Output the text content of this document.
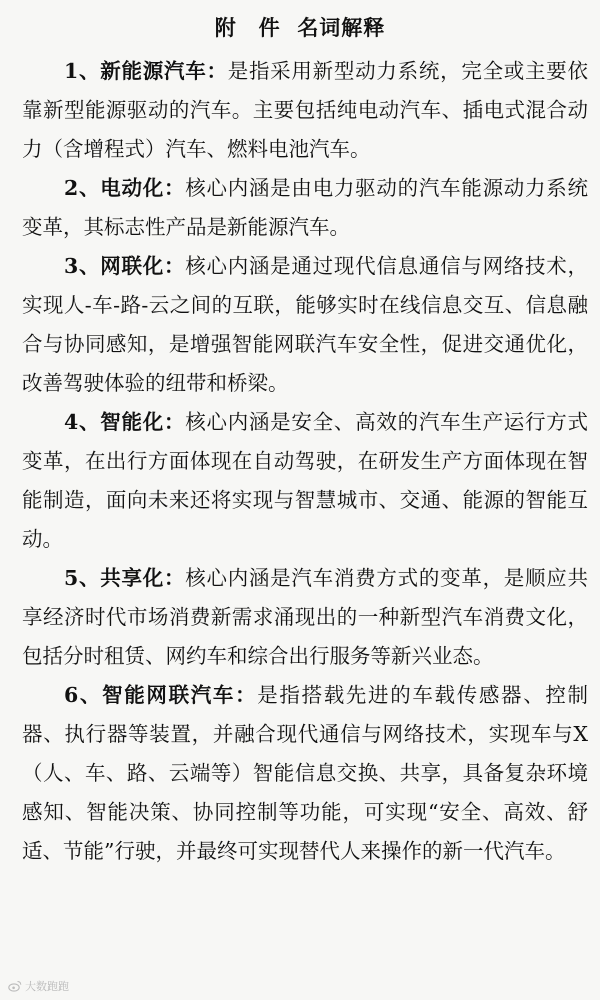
附　件 名词解释

1、新能源汽车：是指采用新型动力系统，完全或主要依靠新型能源驱动的汽车。主要包括纯电动汽车、插电式混合动力（含增程式）汽车、燃料电池汽车。

2、电动化：核心内涵是由电力驱动的汽车能源动力系统变革，其标志性产品是新能源汽车。

3、网联化：核心内涵是通过现代信息通信与网络技术，实现人-车-路-云之间的互联，能够实时在线信息交互、信息融合与协同感知，是增强智能网联汽车安全性，促进交通优化，改善驾驶体验的纽带和桥梁。

4、智能化：核心内涵是安全、高效的汽车生产运行方式变革，在出行方面体现在自动驾驶，在研发生产方面体现在智能制造，面向未来还将实现与智慧城市、交通、能源的智能互动。

5、共享化：核心内涵是汽车消费方式的变革，是顺应共享经济时代市场消费新需求涌现出的一种新型汽车消费文化，包括分时租赁、网约车和综合出行服务等新兴业态。

6、智能网联汽车：是指搭载先进的车载传感器、控制器、执行器等装置，并融合现代通信与网络技术，实现车与X（人、车、路、云端等）智能信息交换、共享，具备复杂环境感知、智能决策、协同控制等功能，可实现“安全、高效、舒适、节能”行驶，并最终可实现替代人来操作的新一代汽车。

大数跑跑
